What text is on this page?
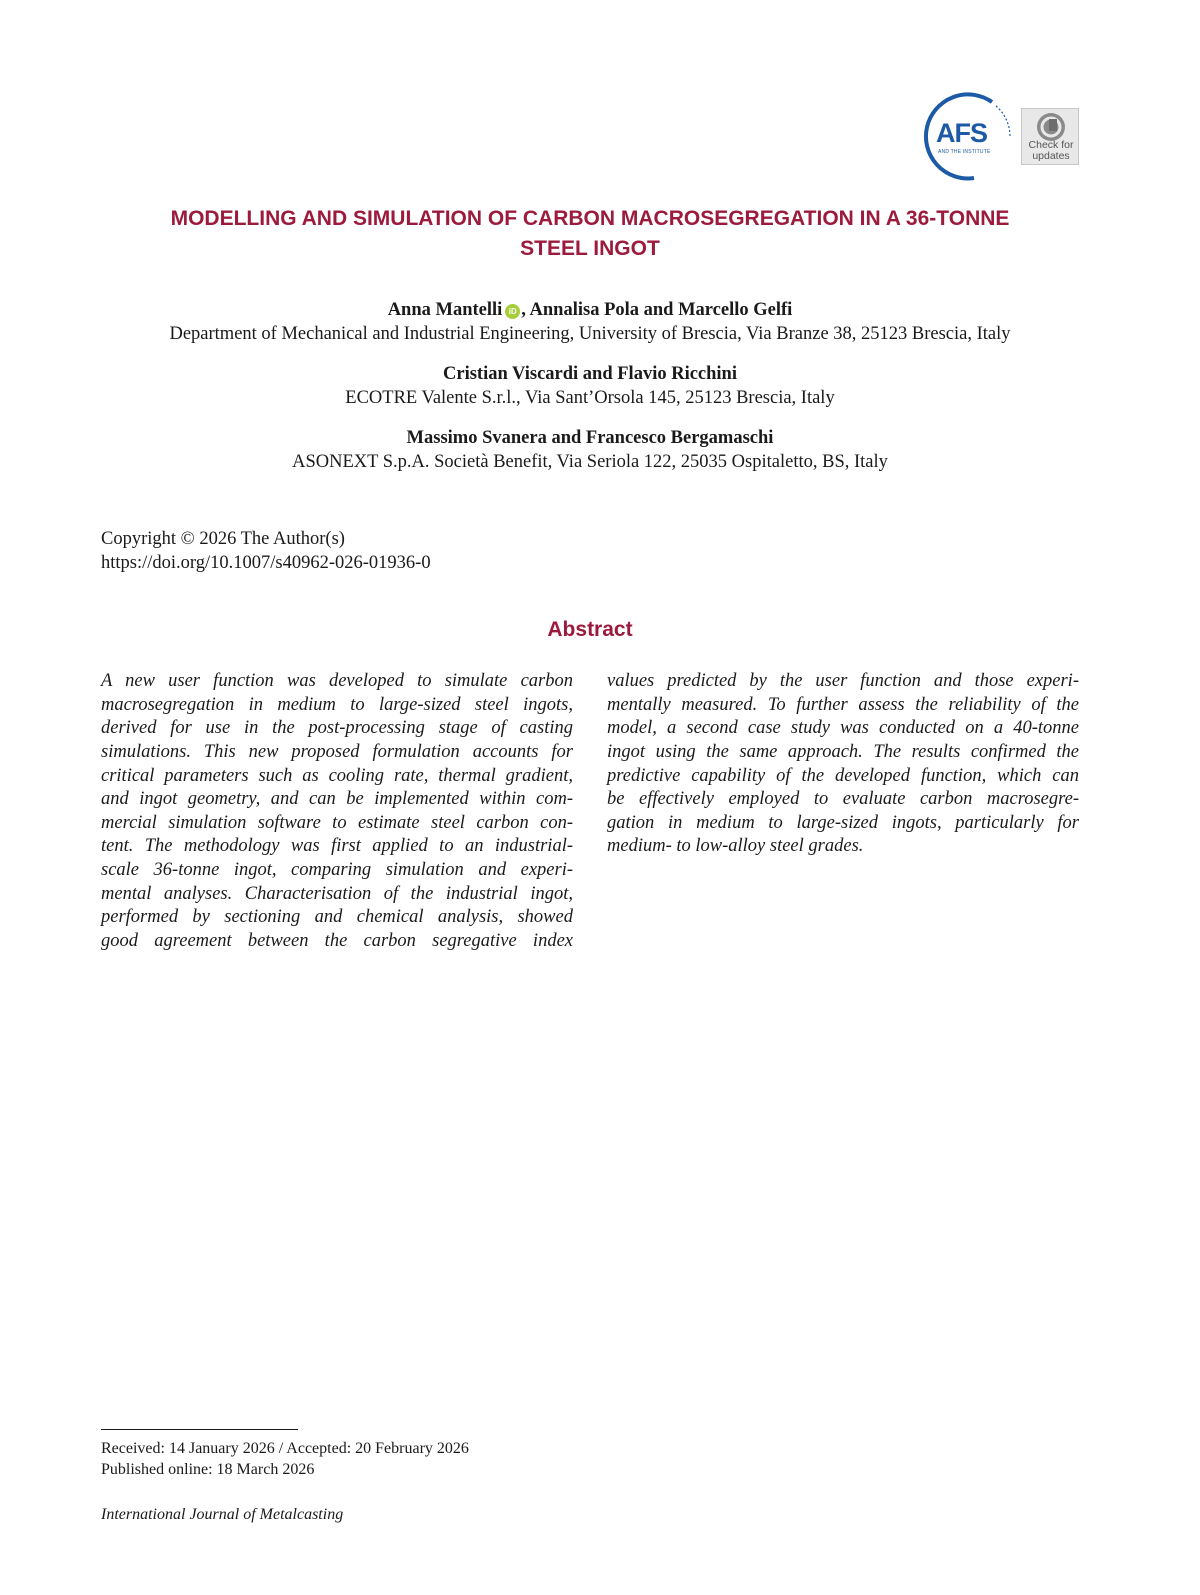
AFS
AND THE INSTITUTE
Check for
updates
MODELLING AND SIMULATION OF CARBON MACROSEGREGATION IN A 36-TONNE
STEEL INGOT
Anna Mantelli iD , Annalisa Pola and Marcello Gelfi
Department of Mechanical and Industrial Engineering, University of Brescia, Via Branze 38, 25123 Brescia, Italy
Cristian Viscardi and Flavio Ricchini
ECOTRE Valente S.r.l., Via Sant’Orsola 145, 25123 Brescia, Italy
Massimo Svanera and Francesco Bergamaschi
ASONEXT S.p.A. Società Benefit, Via Seriola 122, 25035 Ospitaletto, BS, Italy
Copyright © 2026 The Author(s)
https://doi.org/10.1007/s40962-026-01936-0
Abstract
A new user function was developed to simulate carbon
macrosegregation in medium to large-sized steel ingots,
derived for use in the post-processing stage of casting
simulations. This new proposed formulation accounts for
critical parameters such as cooling rate, thermal gradient,
and ingot geometry, and can be implemented within com-
mercial simulation software to estimate steel carbon con-
tent. The methodology was first applied to an industrial-
scale 36-tonne ingot, comparing simulation and experi-
mental analyses. Characterisation of the industrial ingot,
performed by sectioning and chemical analysis, showed
good agreement between the carbon segregative index
values predicted by the user function and those experi-
mentally measured. To further assess the reliability of the
model, a second case study was conducted on a 40-tonne
ingot using the same approach. The results confirmed the
predictive capability of the developed function, which can
be effectively employed to evaluate carbon macrosegre-
gation in medium to large-sized ingots, particularly for
medium- to low-alloy steel grades.
Received: 14 January 2026 / Accepted: 20 February 2026
Published online: 18 March 2026
International Journal of Metalcasting
